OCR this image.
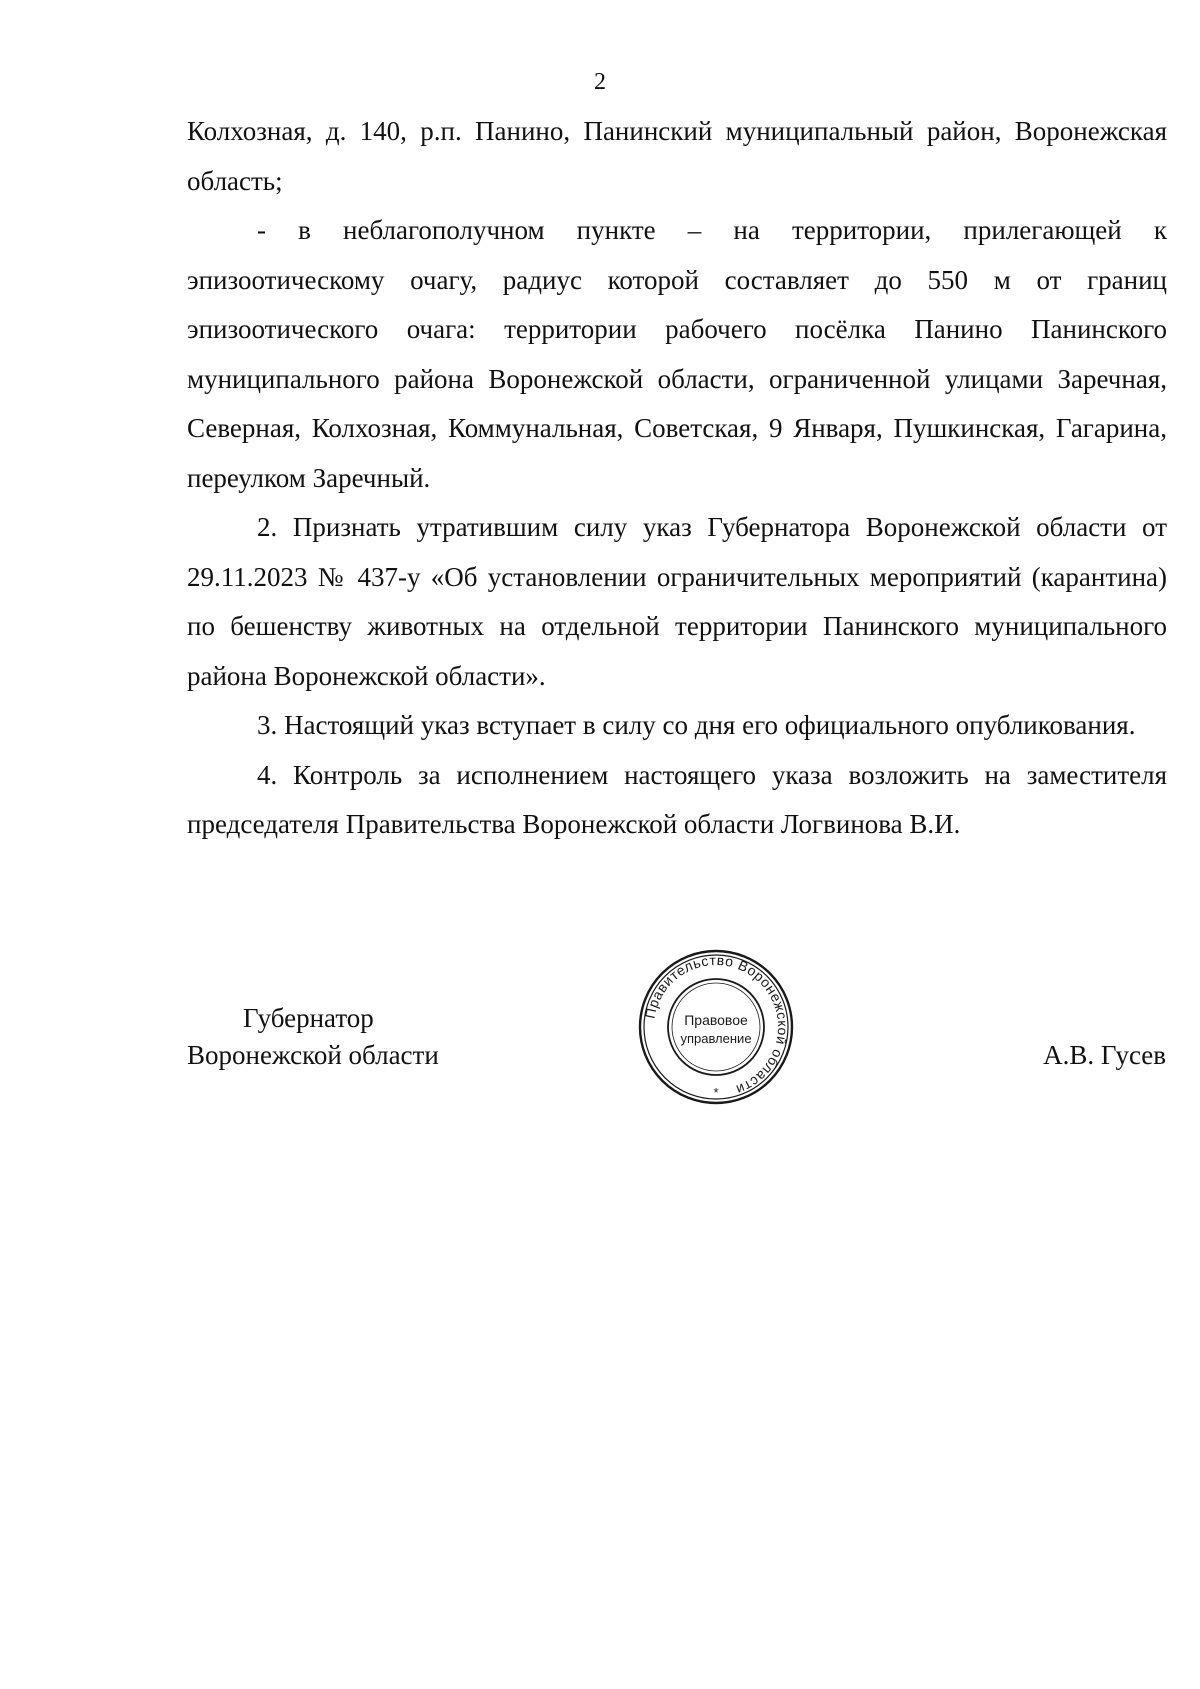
2

Колхозная, д. 140, р.п. Панино, Панинский муниципальный район, Воронежская область;

- в неблагополучном пункте – на территории, прилегающей к эпизоотическому очагу, радиус которой составляет до 550 м от границ эпизоотического очага: территории рабочего посёлка Панино Панинского муниципального района Воронежской области, ограниченной улицами Заречная, Северная, Колхозная, Коммунальная, Советская, 9 Января, Пушкинская, Гагарина, переулком Заречный.

2. Признать утратившим силу указ Губернатора Воронежской области от 29.11.2023 № 437-у «Об установлении ограничительных мероприятий (карантина) по бешенству животных на отдельной территории Панинского муниципального района Воронежской области».

3. Настоящий указ вступает в силу со дня его официального опубликования.

4. Контроль за исполнением настоящего указа возложить на заместителя председателя Правительства Воронежской области Логвинова В.И.

Губернатор
Воронежской области
Правительство Воронежской области
Правовое
управление
*
А.В. Гусев
